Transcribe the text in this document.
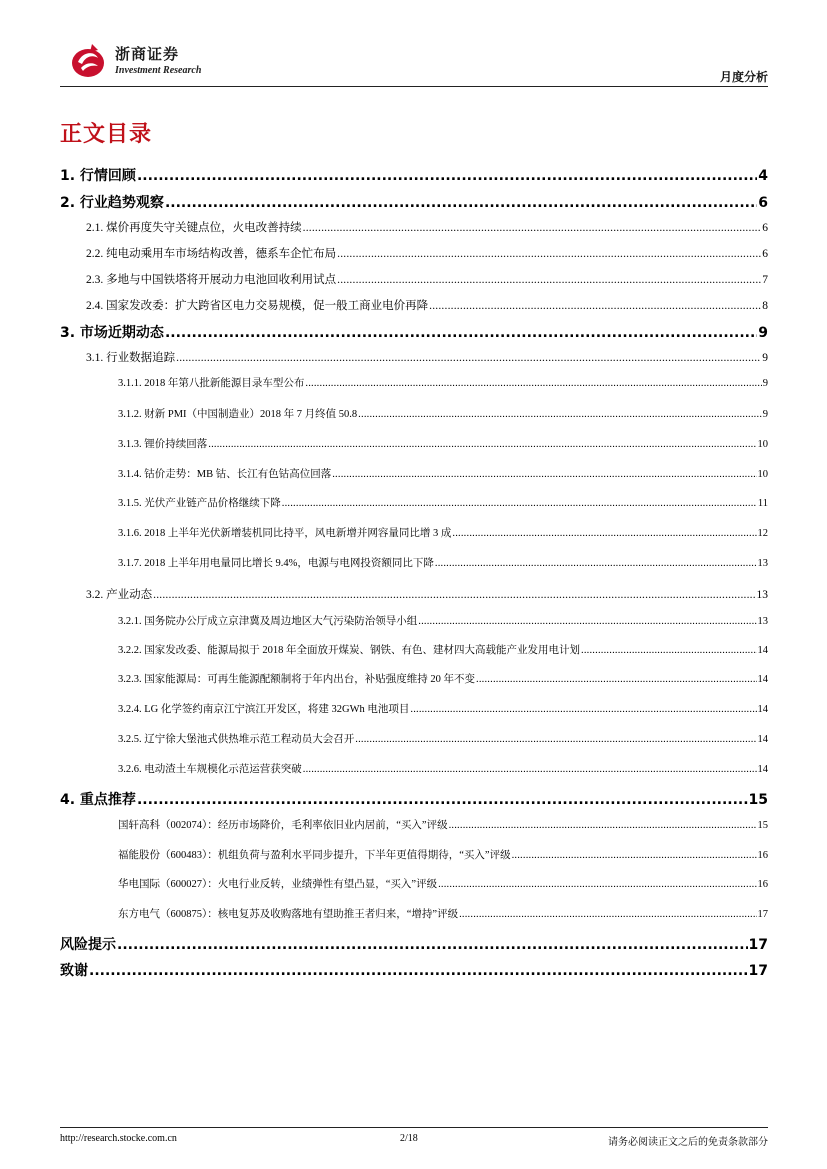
浙商证券
Investment Research	月度分析
正文目录
1. 行情回顾 .....	4
2. 行业趋势观察 .....	6
2.1. 煤价再度失守关键点位，火电改善持续 .....	6
2.2. 纯电动乘用车市场结构改善，德系车企忙布局 .....	6
2.3. 多地与中国铁塔将开展动力电池回收利用试点 .....	7
2.4. 国家发改委：扩大跨省区电力交易规模，促一般工商业电价再降 .....	8
3. 市场近期动态 .....	9
3.1. 行业数据追踪 .....	9
3.1.1. 2018 年第八批新能源目录车型公布 .....	9
3.1.2. 财新 PMI（中国制造业）2018 年 7 月终值 50.8 .....	9
3.1.3. 锂价持续回落 .....	10
3.1.4. 钴价走势：MB 钴、长江有色钴高位回落 .....	10
3.1.5. 光伏产业链产品价格继续下降 .....	11
3.1.6. 2018 上半年光伏新增装机同比持平，风电新增并网容量同比增 3 成 .....	12
3.1.7. 2018 上半年用电量同比增长 9.4%，电源与电网投资额同比下降 .....	13
3.2. 产业动态 .....	13
3.2.1. 国务院办公厅成立京津冀及周边地区大气污染防治领导小组 .....	13
3.2.2. 国家发改委、能源局拟于 2018 年全面放开煤炭、钢铁、有色、建材四大高载能产业发用电计划 .....	14
3.2.3. 国家能源局：可再生能源配额制将于年内出台，补贴强度维持 20 年不变 .....	14
3.2.4. LG 化学签约南京江宁滨江开发区，将建 32GWh 电池项目 .....	14
3.2.5. 辽宁徐大堡池式供热堆示范工程动员大会召开 .....	14
3.2.6. 电动渣土车规模化示范运营获突破 .....	14
4. 重点推荐 .....	15
国轩高科（002074）：经历市场降价，毛利率依旧业内居前，“买入”评级 .....	15
福能股份（600483）：机组负荷与盈利水平同步提升，下半年更值得期待，“买入”评级 .....	16
华电国际（600027）：火电行业反转，业绩弹性有望凸显，“买入”评级 .....	16
东方电气（600875）：核电复苏及收购落地有望助推王者归来，“增持”评级 .....	17
风险提示 .....	17
致谢 .....	17
http://research.stocke.com.cn	2/18	请务必阅读正文之后的免责条款部分
